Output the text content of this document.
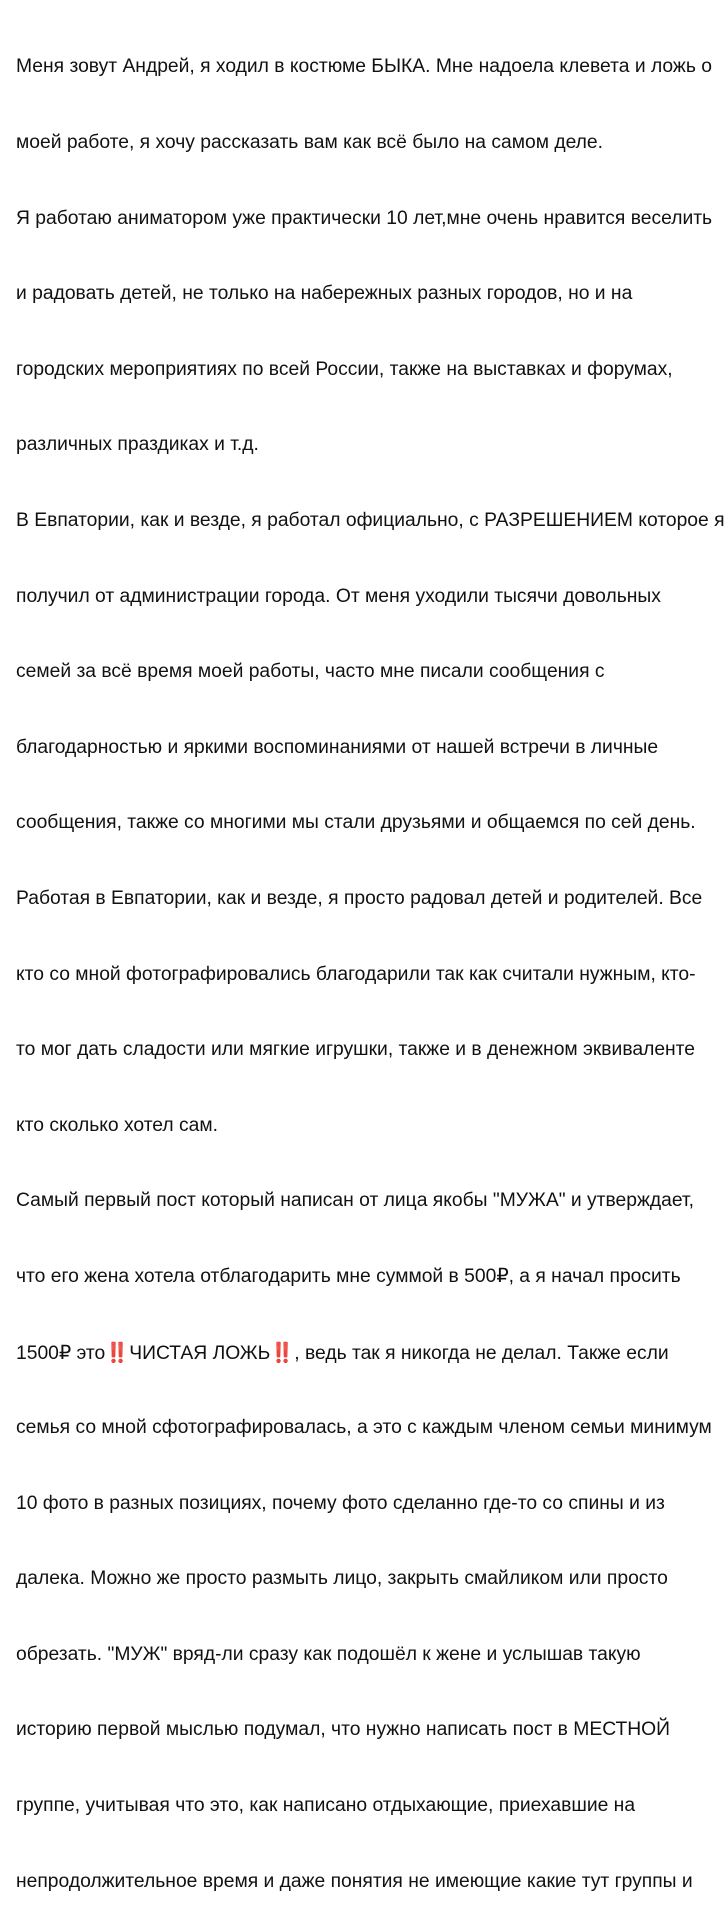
Меня зовут Андрей, я ходил в костюме БЫКА. Мне надоела клевета и ложь о

моей работе, я хочу рассказать вам как всё было на самом деле.

Я работаю аниматором уже практически 10 лет,мне очень нравится веселить

и радовать детей, не только на набережных разных городов, но и на

городских мероприятиях по всей России, также на выставках и форумах,

различных праздиках и т.д.

В Евпатории, как и везде, я работал официально, с РАЗРЕШЕНИЕМ которое я

получил от администрации города. От меня уходили тысячи довольных

семей за всё время моей работы, часто мне писали сообщения с

благодарностью и яркими воспоминаниями от нашей встречи в личные

сообщения, также со многими мы стали друзьями и общаемся по сей день.

Работая в Евпатории, как и везде, я просто радовал детей и родителей. Все

кто со мной фотографировались благодарили так как считали нужным, кто-

то мог дать сладости или мягкие игрушки, также и в денежном эквиваленте

кто сколько хотел сам.

Самый первый пост который написан от лица якобы "МУЖА" и утверждает,

что его жена хотела отблагодарить мне суммой в 500₽, а я начал просить

1500₽ это‼️ ЧИСТАЯ ЛОЖЬ‼️ , ведь так я никогда не делал. Также если

семья со мной сфотографировалась, а это с каждым членом семьи минимум

10 фото в разных позициях, почему фото сделанно где-то со спины и из

далека. Можно же просто размыть лицо, закрыть смайликом или просто

обрезать. "МУЖ" вряд-ли сразу как подошёл к жене и услышав такую

историю первой мыслью подумал, что нужно написать пост в МЕСТНОЙ

группе, учитывая что это, как написано отдыхающие, приехавшие на

непродолжительное время и даже понятия не имеющие какие тут группы и
